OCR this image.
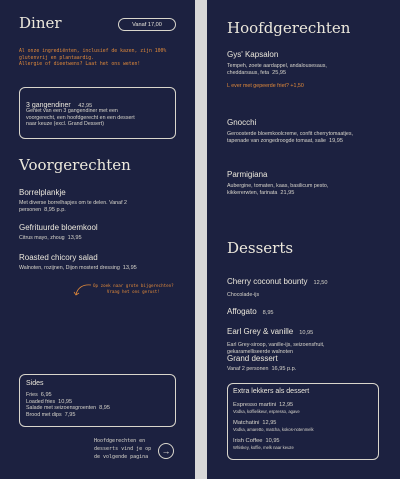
Diner	Vanaf 17,00
Al onze ingrediënten, inclusief de kazen, zijn 100%
glutenvrij en plantaardig.
Allergie of dieetwens? Laat het ons weten!
3 gangendiner 42,95
Geniet van een 3 gangendiner met een
voorgerecht, een hoofdgerecht en een dessert
naar keuze (excl. Grand Dessert)
Voorgerechten
Borrelplankje
Met diverse borrelhapjes om te delen. Vanaf 2
personen 8,95 p.p.
Gefrituurde bloemkool
Citrus mayo, zhoug 13,95
Roasted chicory salad
Walnoten, rozijnen, Dijon mosterd dressing 13,95
Op zoek naar grote bijgerechten?
Vraag het ons gerust!
Sides
Fries 6,95
Loaded fries 10,95
Salade met seizoensgroenten 8,95
Brood met dips 7,95
Hoofdgerechten en
desserts vind je op
de volgende pagina
→
Hoofdgerechten
Gys' Kapsalon
Tempeh, zoete aardappel, andalousesaus,
cheddarsaus, feta 25,95
L ever met gepeerde friet? +1,50
Gnocchi
Geroosterde bloemkoolcreme, confit cherrytomaatjes,
tapenade van zongedroogde tomaat, salie 19,95
Parmigiana
Aubergine, tomaten, kaas, basilicum pesto,
kikkererwten, farinata 21,95
Desserts
Cherry coconut bounty 12,50
Chocolade-ijs
Affogato 8,95
Earl Grey & vanille 10,95
Earl Grey-siroop, vanille-ijs, seizoensfruit,
gekaramelliseerde walnoten
Grand dessert
Vanaf 2 personen 16,95 p.p.
Extra lekkers als dessert
Espresso martini 12,95
Vodka, koffielikeur, espresso, agave
Matchatini 12,95
Vodka, amaretto, matcha, kokos-notenmelk
Irish Coffee 10,95
Whiskey, koffie, melk naar keuze
